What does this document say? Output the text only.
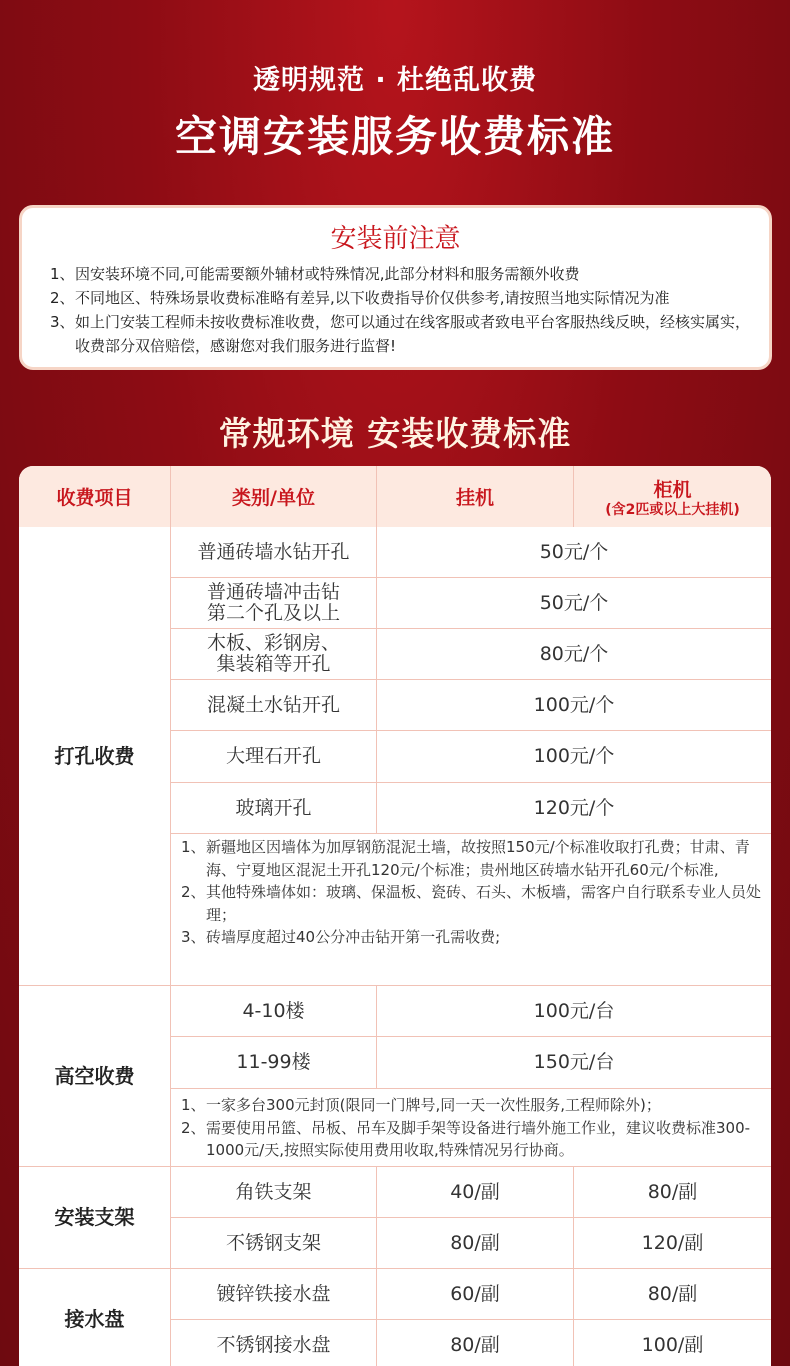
透明规范 · 杜绝乱收费
空调安装服务收费标准
安装前注意
1、 因安装环境不同,可能需要额外辅材或特殊情况,此部分材料和服务需额外收费
2、 不同地区、特殊场景收费标准略有差异,以下收费指导价仅供参考,请按照当地实际情况为准
3、 如上门安装工程师未按收费标准收费，您可以通过在线客服或者致电平台客服热线反映，经核实属实，收费部分双倍赔偿，感谢您对我们服务进行监督!
常规环境 安装收费标准
收费项目	类别/单位	挂机	柜机
(含2匹或以上大挂机)
打孔收费
普通砖墙水钻开孔	50元/个
普通砖墙冲击钻第二个孔及以上	50元/个
木板、彩钢房、集装箱等开孔	80元/个
混凝土水钻开孔	100元/个
大理石开孔	100元/个
玻璃开孔	120元/个
1、 新疆地区因墙体为加厚钢筋混泥土墙，故按照150元/个标准收取打孔费；甘肃、青海、宁夏地区混泥土开孔120元/个标准；贵州地区砖墙水钻开孔60元/个标准,
2、 其他特殊墙体如：玻璃、保温板、瓷砖、石头、木板墙，需客户自行联系专业人员处理；
3、 砖墙厚度超过40公分冲击钻开第一孔需收费;
高空收费
4-10楼	100元/台
11-99楼	150元/台
1、 一家多台300元封顶(限同一门牌号,同一天一次性服务,工程师除外)；
2、 需要使用吊篮、吊板、吊车及脚手架等设备进行墙外施工作业，建议收费标准300-1000元/天,按照实际使用费用收取,特殊情况另行协商。
安装支架
角铁支架	40/副	80/副
不锈钢支架	80/副	120/副
接水盘
镀锌铁接水盘	60/副	80/副
不锈钢接水盘	80/副	100/副
